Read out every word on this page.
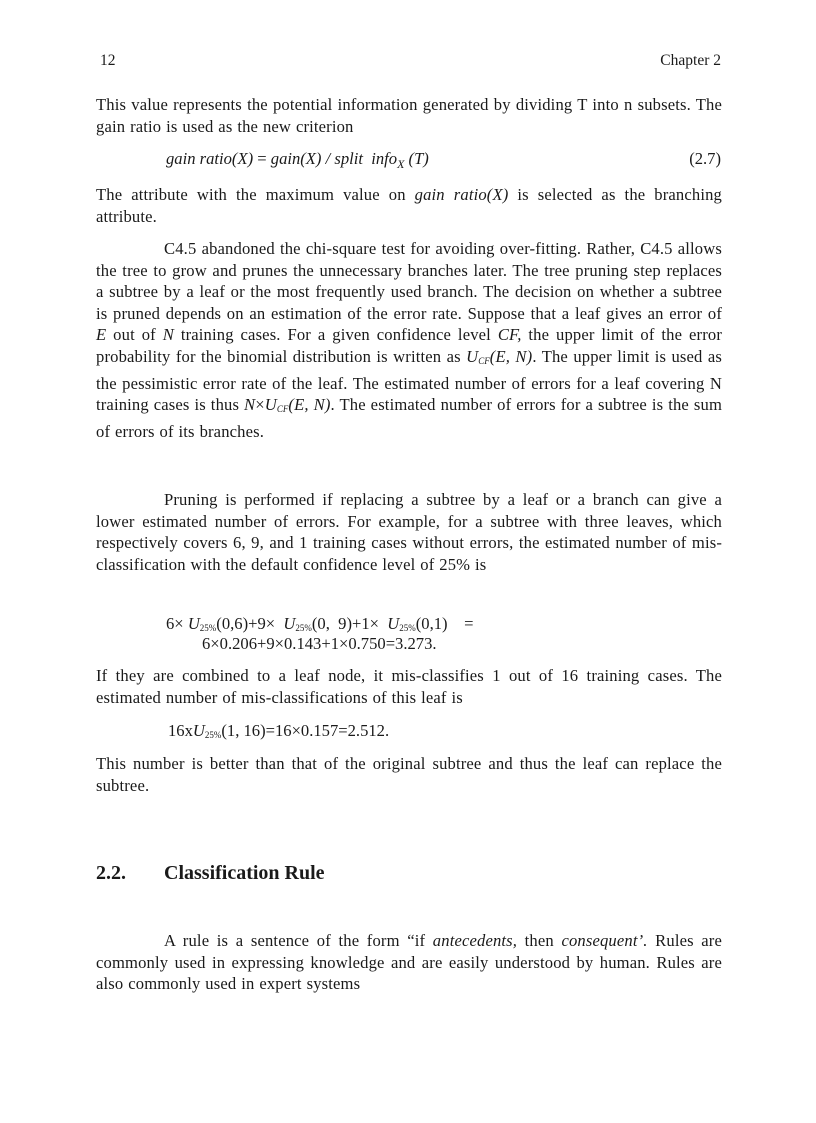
12	Chapter 2

This value represents the potential information generated by dividing T into n subsets. The gain ratio is used as the new criterion

gain ratio(X) = gain(X) / split  info$_X$ (T)	(2.7)

The attribute with the maximum value on gain ratio(X) is selected as the branching attribute.

C4.5 abandoned the chi-square test for avoiding over-fitting. Rather, C4.5 allows the tree to grow and prunes the unnecessary branches later. The tree pruning step replaces a subtree by a leaf or the most frequently used branch. The decision on whether a subtree is pruned depends on an estimation of the error rate. Suppose that a leaf gives an error of E out of N training cases. For a given confidence level CF, the upper limit of the error probability for the binomial distribution is written as $U_{CF}(E$, N). The upper limit is used as the pessimistic error rate of the leaf. The estimated number of errors for a leaf covering N training cases is thus $N\times U_{CF}(E$, N). The estimated number of errors for a subtree is the sum of errors of its branches.

Pruning is performed if replacing a subtree by a leaf or a branch can give a lower estimated number of errors. For example, for a subtree with three leaves, which respectively covers 6, 9, and 1 training cases without errors, the estimated number of mis-classification with the default confidence level of 25% is

$6\times U_{25\%}(0,6)+9\times U_{25\%}(0$,  $9)+1\times U_{25\%}(0,1)$    =
6×0.206+9×0.143+1×0.750=3.273.

If they are combined to a leaf node, it mis-classifies 1 out of 16 training cases. The estimated number of mis-classifications of this leaf is

$16xU_{25\%}(1$, 16)=16×0.157=2.512.

This number is better than that of the original subtree and thus the leaf can replace the subtree.

2.2. Classification Rule

A rule is a sentence of the form “if antecedents, then consequent’. Rules are commonly used in expressing knowledge and are easily understood by human. Rules are also commonly used in expert systems
